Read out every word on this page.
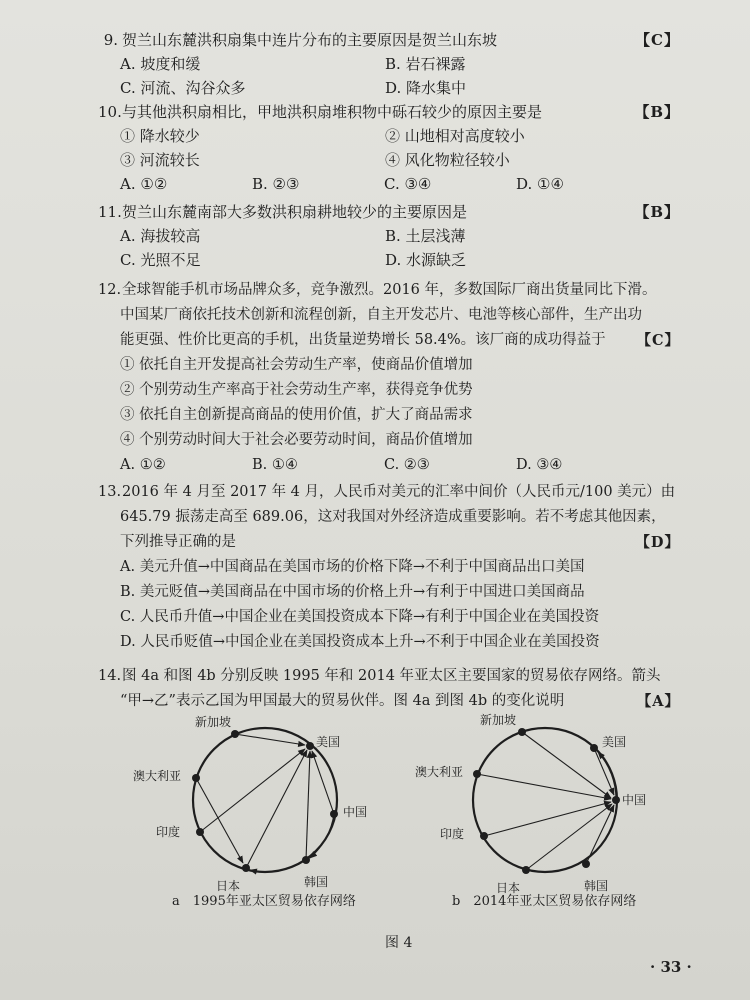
9. 贺兰山东麓洪积扇集中连片分布的主要原因是贺兰山东坡	【C】
A. 坡度和缓	B. 岩石裸露
C. 河流、沟谷众多	D. 降水集中
10.与其他洪积扇相比，甲地洪积扇堆积物中砾石较少的原因主要是	【B】
① 降水较少	② 山地相对高度较小
③ 河流较长	④ 风化物粒径较小
A. ①②	B. ②③	C. ③④	D. ①④
11.贺兰山东麓南部大多数洪积扇耕地较少的主要原因是	【B】
A. 海拔较高	B. 土层浅薄
C. 光照不足	D. 水源缺乏
12.全球智能手机市场品牌众多，竞争激烈。2016 年，多数国际厂商出货量同比下滑。
中国某厂商依托技术创新和流程创新，自主开发芯片、电池等核心部件，生产出功
能更强、性价比更高的手机，出货量逆势增长 58.4%。该厂商的成功得益于 【C】
① 依托自主开发提高社会劳动生产率，使商品价值增加
② 个别劳动生产率高于社会劳动生产率，获得竞争优势
③ 依托自主创新提高商品的使用价值，扩大了商品需求
④ 个别劳动时间大于社会必要劳动时间，商品价值增加
A. ①②	B. ①④	C. ②③	D. ③④
13.2016 年 4 月至 2017 年 4 月，人民币对美元的汇率中间价（人民币元/100 美元）由
645.79 振荡走高至 689.06，这对我国对外经济造成重要影响。若不考虑其他因素，
下列推导正确的是	【D】
A. 美元升值→中国商品在美国市场的价格下降→不利于中国商品出口美国
B. 美元贬值→美国商品在中国市场的价格上升→有利于中国进口美国商品
C. 人民币升值→中国企业在美国投资成本下降→有利于中国企业在美国投资
D. 人民币贬值→中国企业在美国投资成本上升→不利于中国企业在美国投资
14.图 4a 和图 4b 分别反映 1995 年和 2014 年亚太区主要国家的贸易依存网络。箭头
“甲→乙”表示乙国为甲国最大的贸易伙伴。图 4a 到图 4b 的变化说明	【A】
新加坡
美国
澳大利亚
中国
印度
日本	韩国
新加坡
美国
澳大利亚
中国
印度
日本	韩国
a　1995年亚太区贸易依存网络	b　2014年亚太区贸易依存网络
图 4
· 33 ·
